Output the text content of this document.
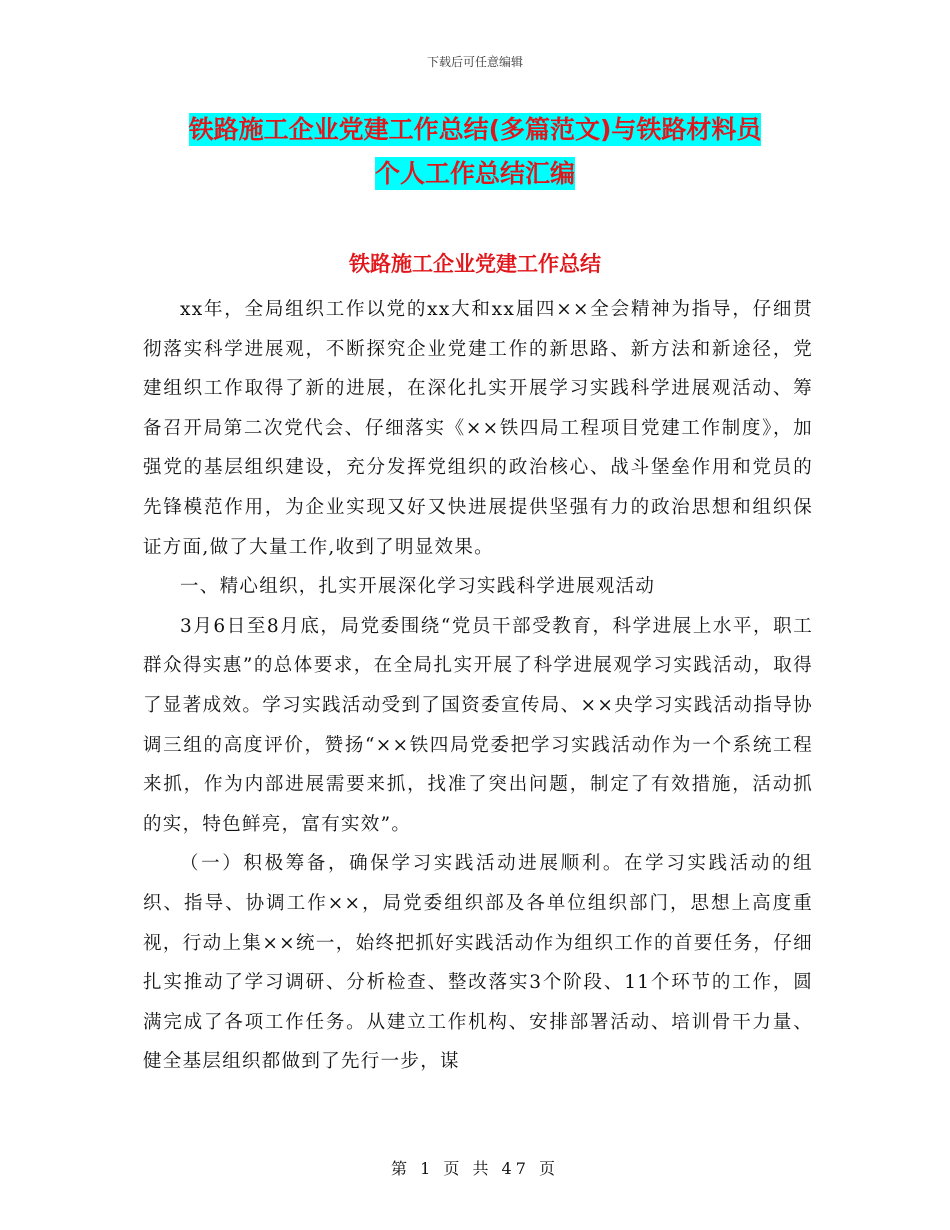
下载后可任意编辑
铁路施工企业党建工作总结(多篇范文)与铁路材料员
个人工作总结汇编
铁路施工企业党建工作总结

xx年，全局组织工作以党的xx大和xx届四××全会精神为指导，仔细贯彻落实科学进展观，不断探究企业党建工作的新思路、新方法和新途径，党建组织工作取得了新的进展，在深化扎实开展学习实践科学进展观活动、筹备召开局第二次党代会、仔细落实《××铁四局工程项目党建工作制度》，加强党的基层组织建设，充分发挥党组织的政治核心、战斗堡垒作用和党员的先锋模范作用，为企业实现又好又快进展提供坚强有力的政治思想和组织保证方面,做了大量工作,收到了明显效果。

一、精心组织，扎实开展深化学习实践科学进展观活动

3月6日至8月底，局党委围绕“党员干部受教育，科学进展上水平，职工群众得实惠”的总体要求，在全局扎实开展了科学进展观学习实践活动，取得了显著成效。学习实践活动受到了国资委宣传局、××央学习实践活动指导协调三组的高度评价，赞扬“××铁四局党委把学习实践活动作为一个系统工程来抓，作为内部进展需要来抓，找准了突出问题，制定了有效措施，活动抓的实，特色鲜亮，富有实效”。

（一）积极筹备，确保学习实践活动进展顺利。在学习实践活动的组织、指导、协调工作××，局党委组织部及各单位组织部门，思想上高度重视，行动上集××统一，始终把抓好实践活动作为组织工作的首要任务，仔细扎实推动了学习调研、分析检查、整改落实3个阶段、11个环节的工作，圆满完成了各项工作任务。从建立工作机构、安排部署活动、培训骨干力量、健全基层组织都做到了先行一步，谋

第 1 页 共 47 页
